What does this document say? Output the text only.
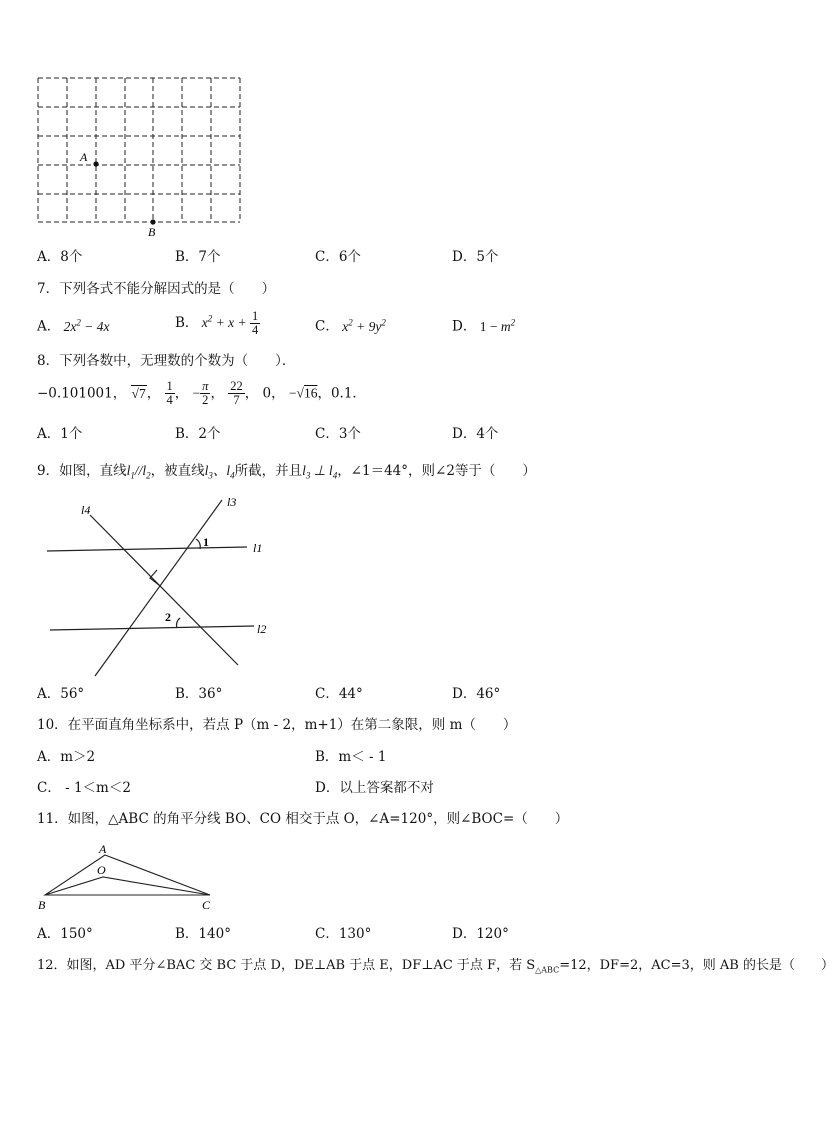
A
B
A．8个	B．7个	C．6个	D．5个
7．下列各式不能分解因式的是（　　）
A． $2x^2 - 4x$	B． $x^2 + x + \frac{1}{4}$	C． $x^2 + 9y^2$	D． $1 - m^2$
8．下列各数中，无理数的个数为（　　）．
−0.101001， √7， $\frac{1}{4}$ ， − $\frac{\pi}{2}$ ， $\frac{22}{7}$ ， 0， −√16，0.1．
A．1个	B．2个	C．3个	D．4个
9．如图，直线$l_1//l_2$，被直线$l_3$、$l_4$所截，并且$l_3$ ⊥ $l_4$，∠1＝44°，则∠2等于（　　）
l4
l3
l1
l2
1
2
A．56°	B．36°	C．44°	D．46°
10．在平面直角坐标系中，若点 P（m - 2，m+1）在第二象限，则 m（　　）
A．m＞2	B．m＜ - 1
C． - 1＜m＜2	D．以上答案都不对
11．如图，△ABC 的角平分线 BO、CO 相交于点 O，∠A=120°，则∠BOC=（　　）
A
O
B	C
A．150°	B．140°	C．130°	D．120°
12．如图，AD 平分∠BAC 交 BC 于点 D，DE⊥AB 于点 E，DF⊥AC 于点 F，若 $S_{\triangle ABC}=12$，DF=2，AC=3，则 AB 的长是（　　）
